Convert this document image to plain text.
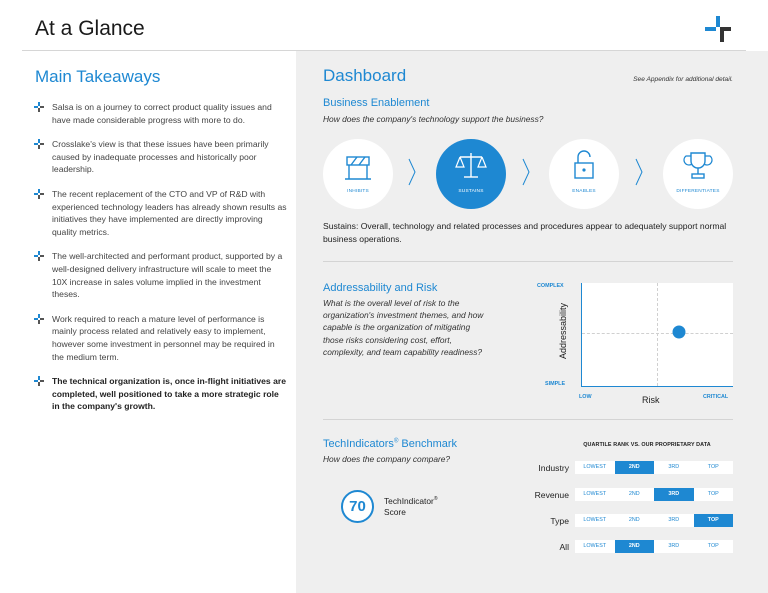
At a Glance
Main Takeaways
Salsa is on a journey to correct product quality issues and have made considerable progress with more to do.
Crosslake's view is that these issues have been primarily caused by inadequate processes and historically poor leadership.
The recent replacement of the CTO and VP of R&D with experienced technology leaders has already shown results as initiatives they have implemented are directly improving quality metrics.
The well-architected and performant product, supported by a well-designed delivery infrastructure will scale to meet the 10X increase in sales volume implied in the investment theses.
Work required to reach a mature level of performance is mainly process related and relatively easy to implement, however some investment in personnel may be required in the medium term.
The technical organization is, once in-flight initiatives are completed, well positioned to take a more strategic role in the company's growth.
Dashboard	See Appendix for additional detail.
Business Enablement
How does the company's technology support the business?
INHIBITS	SUSTAINS	ENABLES	DIFFERENTIATES
Sustains: Overall, technology and related processes and procedures appear to adequately support normal business operations.
Addressability and Risk
What is the overall level of risk to the organization's investment themes, and how capable is the organization of mitigating those risks considering cost, effort, complexity, and team capability readiness?
COMPLEX
SIMPLE
Addressability
LOW	Risk	CRITICAL
TechIndicators® Benchmark
How does the company compare?
70	TechIndicator®
Score
QUARTILE RANK VS. OUR PROPRIETARY DATA
Industry	LOWEST	2ND	3RD	TOP
Revenue	LOWEST	2ND	3RD	TOP
Type	LOWEST	2ND	3RD	TOP
All	LOWEST	2ND	3RD	TOP
